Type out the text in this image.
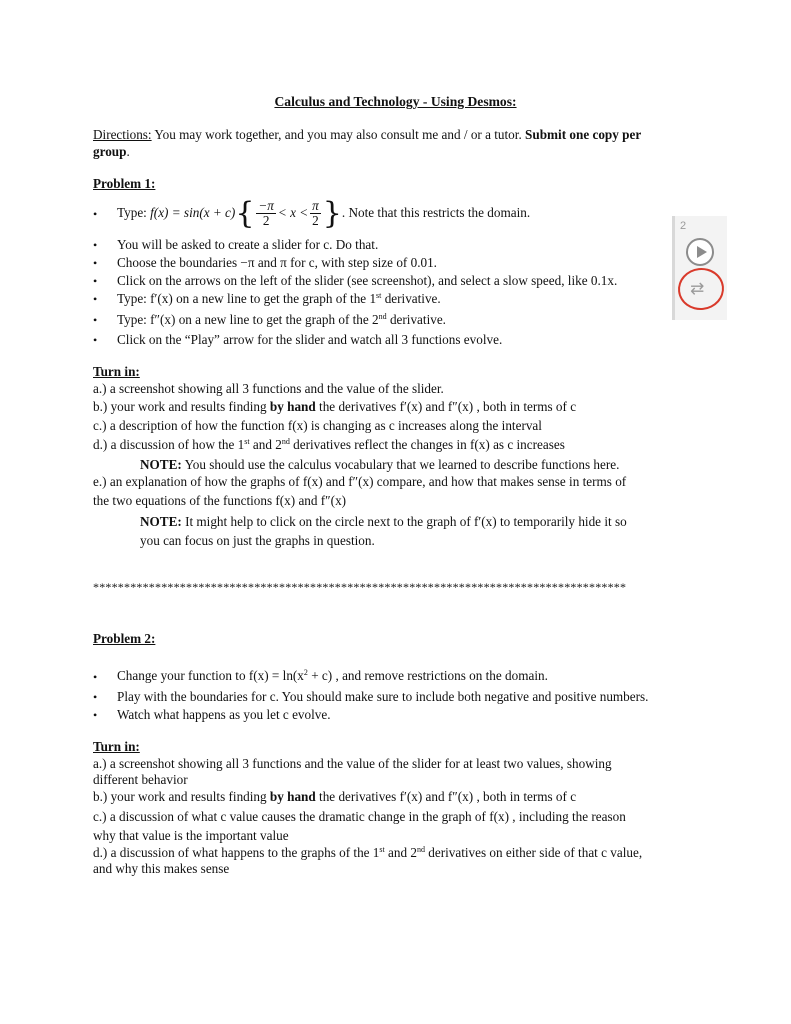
Calculus and Technology - Using Desmos:
Directions: You may work together, and you may also consult me and / or a tutor. Submit one copy per
group.
Problem 1:
• Type: $f(x) = \sin(x + c)\{ \frac{-\pi}{2} < x < \frac{\pi}{2}$ }. Note that this restricts the domain.
• You will be asked to create a slider for c. Do that.
• Choose the boundaries −π and π for c, with step size of 0.01.
• Click on the arrows on the left of the slider (see screenshot), and select a slow speed, like 0.1x.
• Type: f′(x) on a new line to get the graph of the 1st derivative.
• Type: f″(x) on a new line to get the graph of the 2nd derivative.
• Click on the “Play” arrow for the slider and watch all 3 functions evolve.
2
⇄
Turn in:
a.) a screenshot showing all 3 functions and the value of the slider.
b.) your work and results finding by hand the derivatives f′(x) and f″(x) , both in terms of c
c.) a description of how the function f(x) is changing as c increases along the interval
d.) a discussion of how the 1st and 2nd derivatives reflect the changes in f(x) as c increases
NOTE: You should use the calculus vocabulary that we learned to describe functions here.
e.) an explanation of how the graphs of f(x) and f″(x) compare, and how that makes sense in terms of
the two equations of the functions f(x) and f″(x)
NOTE: It might help to click on the circle next to the graph of f′(x) to temporarily hide it so
you can focus on just the graphs in question.
**************************************************************************************
Problem 2:
• Change your function to $f(x) = \ln(x^2 + c)$ , and remove restrictions on the domain.
• Play with the boundaries for c. You should make sure to include both negative and positive numbers.
• Watch what happens as you let c evolve.
Turn in:
a.) a screenshot showing all 3 functions and the value of the slider for at least two values, showing
different behavior
b.) your work and results finding by hand the derivatives f′(x) and f″(x) , both in terms of c
c.) a discussion of what c value causes the dramatic change in the graph of f(x) , including the reason
why that value is the important value
d.) a discussion of what happens to the graphs of the 1st and 2nd derivatives on either side of that c value,
and why this makes sense
